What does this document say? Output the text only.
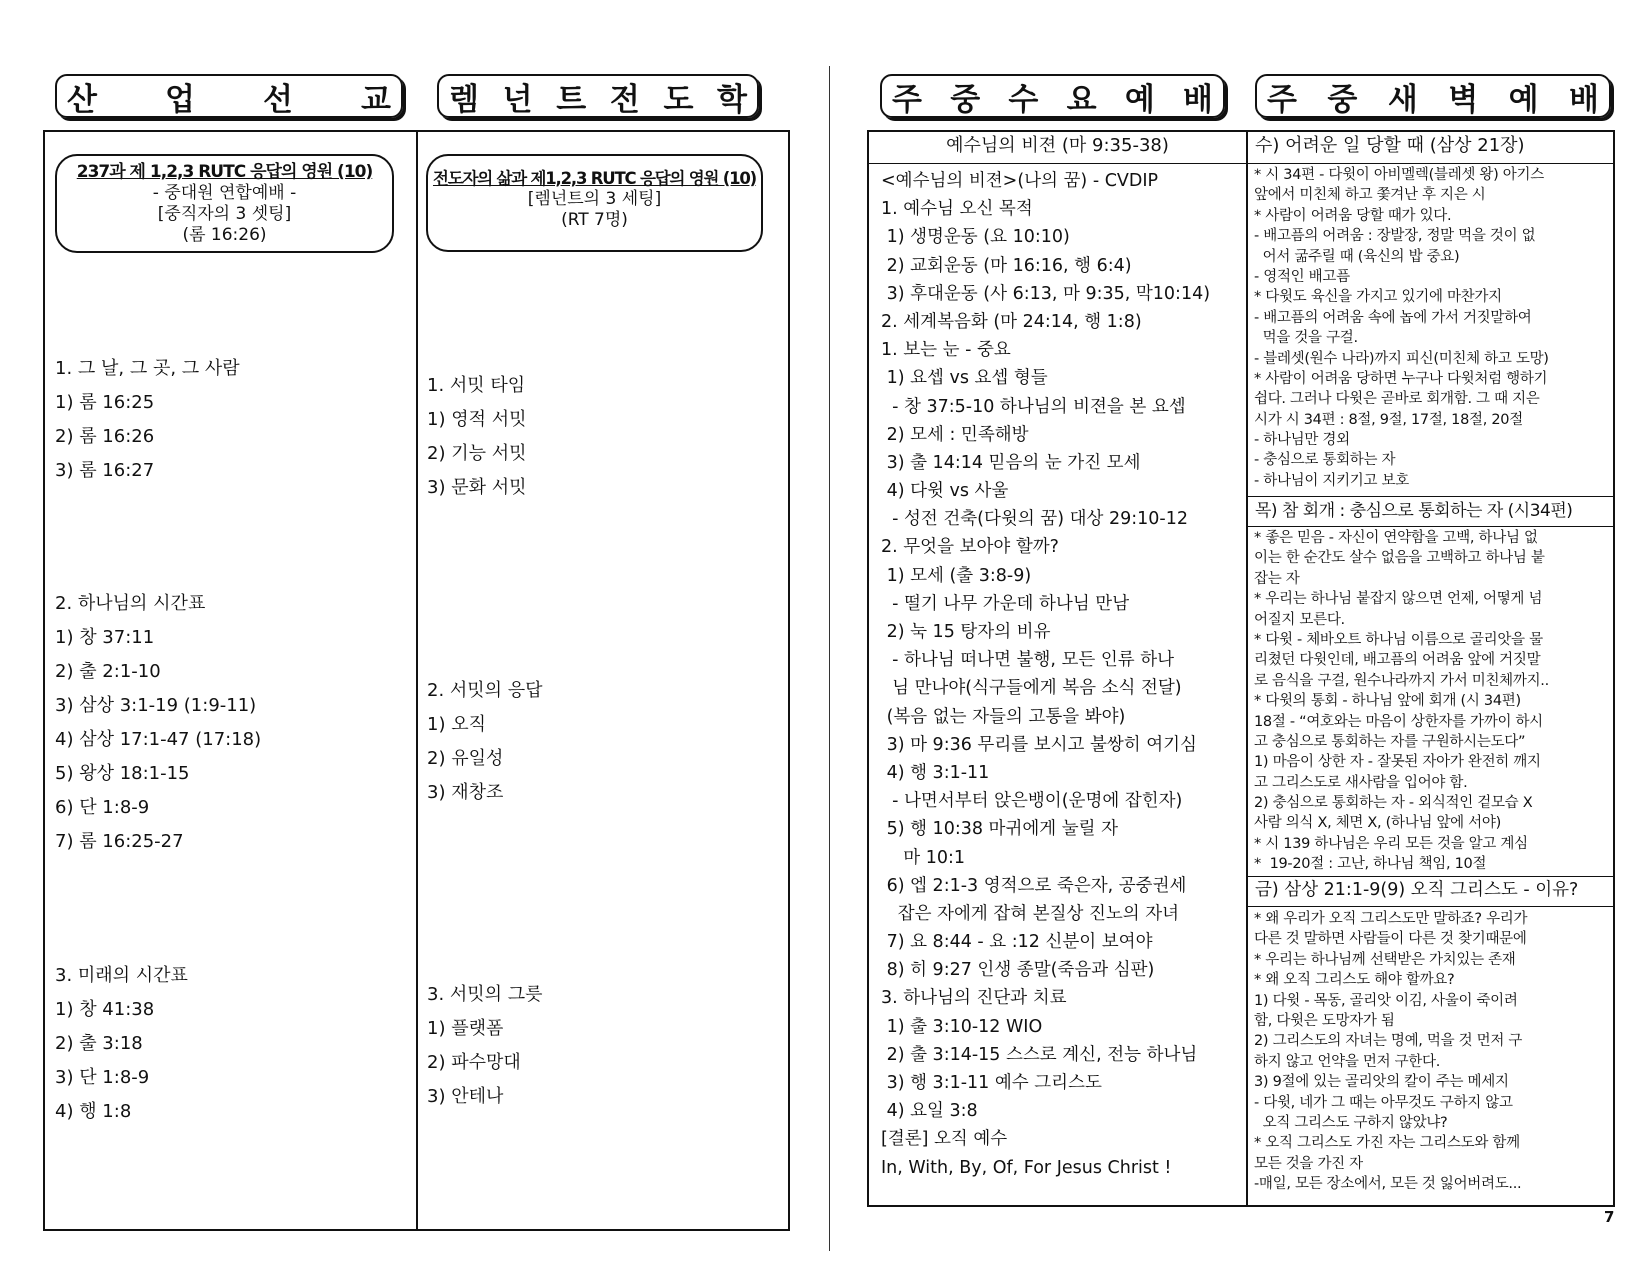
산 업 선 교 렘 넌 트 전 도 학	주 중 수 요 예 배 주 중 새 벽 예 배
237과 제 1,2,3 RUTC 응답의 영원 (10)
- 중대원 연합예배 -
[중직자의 3 셋팅]
(롬 16:26)
1. 그 날, 그 곳, 그 사람
1) 롬 16:25
2) 롬 16:26
3) 롬 16:27
2. 하나님의 시간표
1) 창 37:11
2) 출 2:1-10
3) 삼상 3:1-19 (1:9-11)
4) 삼상 17:1-47 (17:18)
5) 왕상 18:1-15
6) 단 1:8-9
7) 롬 16:25-27
3. 미래의 시간표
1) 창 41:38
2) 출 3:18
3) 단 1:8-9
4) 행 1:8
전도자의 삶과 제1,2,3 RUTC 응답의 영원 (10)
[렘넌트의 3 세팅]
(RT 7명)
1. 서밋 타임
1) 영적 서밋
2) 기능 서밋
3) 문화 서밋
2. 서밋의 응답
1) 오직
2) 유일성
3) 재창조
3. 서밋의 그릇
1) 플랫폼
2) 파수망대
3) 안테나
예수님의 비젼 (마 9:35-38)
<예수님의 비젼>(나의 꿈) - CVDIP
1. 예수님 오신 목적
1) 생명운동 (요 10:10)
2) 교회운동 (마 16:16, 행 6:4)
3) 후대운동 (사 6:13, 마 9:35, 막10:14)
2. 세계복음화 (마 24:14, 행 1:8)
1. 보는 눈 - 중요
1) 요셉 vs 요셉 형들
- 창 37:5-10 하나님의 비젼을 본 요셉
2) 모세 : 민족해방
3) 출 14:14 믿음의 눈 가진 모세
4) 다윗 vs 사울
- 성전 건축(다윗의 꿈) 대상 29:10-12
2. 무엇을 보아야 할까?
1) 모세 (출 3:8-9)
- 떨기 나무 가운데 하나님 만남
2) 눅 15 탕자의 비유
- 하나님 떠나면 불행, 모든 인류 하나
님 만나야(식구들에게 복음 소식 전달)
(복음 없는 자들의 고통을 봐야)
3) 마 9:36 무리를 보시고 불쌍히 여기심
4) 행 3:1-11
- 나면서부터 앉은뱅이(운명에 잡힌자)
5) 행 10:38 마귀에게 눌릴 자
마 10:1
6) 엡 2:1-3 영적으로 죽은자, 공중권세
잡은 자에게 잡혀 본질상 진노의 자녀
7) 요 8:44 - 요 :12 신분이 보여야
8) 히 9:27 인생 종말(죽음과 심판)
3. 하나님의 진단과 치료
1) 출 3:10-12 WIO
2) 출 3:14-15 스스로 계신, 전능 하나님
3) 행 3:1-11 예수 그리스도
4) 요일 3:8
[결론] 오직 예수
In, With, By, Of, For Jesus Christ !
수) 어려운 일 당할 때 (삼상 21장)
* 시 34편 - 다윗이 아비멜렉(블레셋 왕) 아기스
앞에서 미친체 하고 쫓겨난 후 지은 시
* 사람이 어려움 당할 때가 있다.
- 배고픔의 어려움 : 장발장, 정말 먹을 것이 없
어서 굶주릴 때 (육신의 밥 중요)
- 영적인 배고픔
* 다윗도 육신을 가지고 있기에 마찬가지
- 배고픔의 어려움 속에 놉에 가서 거짓말하여
먹을 것을 구걸.
- 블레셋(원수 나라)까지 피신(미친체 하고 도망)
* 사람이 어려움 당하면 누구나 다윗처럼 행하기
쉽다. 그러나 다윗은 곧바로 회개함. 그 때 지은
시가 시 34편 : 8절, 9절, 17절, 18절, 20절
- 하나님만 경외
- 충심으로 통회하는 자
- 하나님이 지키기고 보호
목) 참 회개 : 충심으로 통회하는 자 (시34편)
* 좋은 믿음 - 자신이 연약함을 고백, 하나님 없
이는 한 순간도 살수 없음을 고백하고 하나님 붙
잡는 자
* 우리는 하나님 붙잡지 않으면 언제, 어떻게 넘
어질지 모른다.
* 다윗 - 체바오트 하나님 이름으로 골리앗을 물
리쳤던 다윗인데, 배고픔의 어려움 앞에 거짓말
로 음식을 구걸, 원수나라까지 가서 미친체까지..
* 다윗의 통회 - 하나님 앞에 회개 (시 34편)
18절 - “여호와는 마음이 상한자를 가까이 하시
고 충심으로 통회하는 자를 구원하시는도다”
1) 마음이 상한 자 - 잘못된 자아가 완전히 깨지
고 그리스도로 새사람을 입어야 함.
2) 충심으로 통회하는 자 - 외식적인 겉모습 X
사람 의식 X, 체면 X, (하나님 앞에 서야)
* 시 139 하나님은 우리 모든 것을 알고 계심
*  19-20절 : 고난, 하나님 책임, 10절
금) 삼상 21:1-9(9) 오직 그리스도 - 이유?
* 왜 우리가 오직 그리스도만 말하죠? 우리가
다른 것 말하면 사람들이 다른 것 찾기때문에
* 우리는 하나님께 선택받은 가치있는 존재
* 왜 오직 그리스도 해야 할까요?
1) 다윗 - 목동, 골리앗 이김, 사울이 죽이려
함, 다윗은 도망자가 됨
2) 그리스도의 자녀는 명예, 먹을 것 먼저 구
하지 않고 언약을 먼저 구한다.
3) 9절에 있는 골리앗의 칼이 주는 메세지
- 다윗, 네가 그 때는 아무것도 구하지 않고
오직 그리스도 구하지 않았냐?
* 오직 그리스도 가진 자는 그리스도와 함께
모든 것을 가진 자
-매일, 모든 장소에서, 모든 것 잃어버려도...
7
